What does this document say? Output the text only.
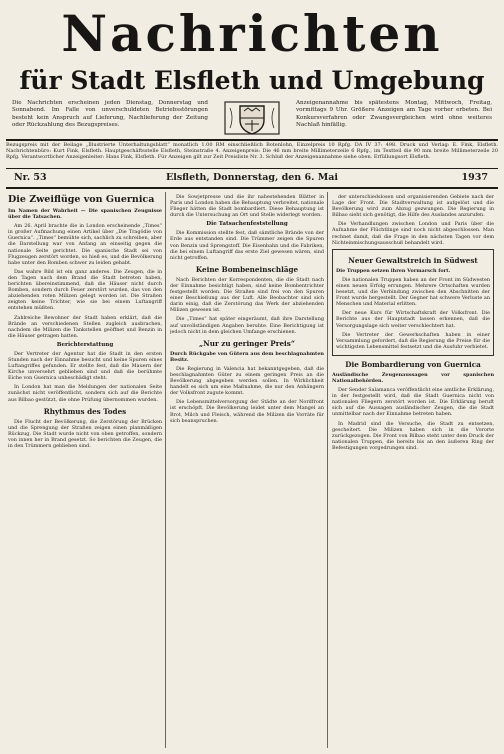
Nachrichten
für Stadt Elsfleth und Umgebung
Die Nachrichten erscheinen jeden Dienstag, Donnerstag und Sonnabend. Im Falle von unverschuldeten Betriebsstörungen besteht kein Anspruch auf Lieferung, Nachlieferung der Zeitung oder Rückzahlung des Bezugspreises.
Anzeigenannahme bis spätestens Montag, Mittwoch, Freitag, vormittags 9 Uhr. Größere Anzeigen am Tage vorher erbeten. Bei Konkursverfahren oder Zwangsvergleichen wird ohne weiteres Nachlaß hinfällig.
Bezugspreis mit der Beilage „Illustrierte Unterhaltungsblatt“ monatlich 1.00 RM einschließlich Botenlohn, Einzelpreis 10 Rpfg. DA IV 37: 498. Druck und Verlag: E. Fink, Elsfleth. Nachrichtenbüro: Kurt Fink, Elsfleth. Hauptgeschäftsstelle Elsfleth, Steinstraße 4. Anzeigenpreis: Die 46 mm breite Millimeterzeile 6 Rpfg., im Textteil die 90 mm breite Millimeterzeile 20 Rpfg. Verantwortlicher Anzeigenleiter: Hans Fink, Elsfleth. Für Anzeigen gilt zur Zeit Preisliste Nr. 3. Schluß der Anzeigenannahme siehe oben. Erfüllungsort Elsfleth.
Nr. 53	Elsfleth, Donnerstag, den 6. Mai	1937
Die Zweiflüge von Guernica

Im Namen der Wahrheit — Die spanischen Zeugnisse über die Tatsachen.

Am 26. April brachte die in London erscheinende „Times“ in großer Aufmachung einen Artikel über „Die Tragödie von Guernica“. „Times“ bemühte sich, sachlich zu schreiben, aber die Darstellung war von Anfang an einseitig gegen die nationale Seite gerichtet. Die spanische Stadt sei von Flugzeugen zerstört worden, so hieß es, und die Bevölkerung habe unter den Bomben schwer zu leiden gehabt.

Das wahre Bild ist ein ganz anderes. Die Zeugen, die in den Tagen nach dem Brand die Stadt betreten haben, berichten übereinstimmend, daß die Häuser nicht durch Bomben, sondern durch Feuer zerstört wurden, das von den abziehenden roten Milizen gelegt worden ist. Die Straßen zeigten keine Trichter, wie sie bei einem Luftangriff entstehen müßten.

Zahlreiche Bewohner der Stadt haben erklärt, daß die Brände an verschiedenen Stellen zugleich ausbrachen, nachdem die Milizen die Tankstellen geöffnet und Benzin in die Häuser getragen hatten.

Berichterstattung

Der Vertreter der Agentur hat die Stadt in den ersten Stunden nach der Einnahme besucht und keine Spuren eines Luftangriffes gefunden. Er stellte fest, daß die Mauern der Kirche unversehrt geblieben sind und daß die berühmte Eiche von Guernica unbeschädigt steht.

In London hat man die Meldungen der nationalen Seite zunächst nicht veröffentlicht, sondern sich auf die Berichte aus Bilbao gestützt, die ohne Prüfung übernommen wurden.

Rhythmus des Todes

Die Flucht der Bevölkerung, die Zerstörung der Brücken und die Sprengung der Straßen zeigen einen planmäßigen Rückzug. Die Stadt wurde nicht von oben getroffen, sondern von innen her in Brand gesetzt. So berichten die Zeugen, die in den Trümmern geblieben sind.

Die Sowjetpresse und die ihr nahestehenden Blätter in Paris und London haben die Behauptung verbreitet, nationale Flieger hätten die Stadt bombardiert. Diese Behauptung ist durch die Untersuchung an Ort und Stelle widerlegt worden.

Die Tatsachenfeststellung

Die Kommission stellte fest, daß sämtliche Brände von der Erde aus entstanden sind. Die Trümmer zeigen die Spuren von Benzin und Sprengstoff. Die Eisenbahn und die Fabriken, die bei einem Luftangriff das erste Ziel gewesen wären, sind nicht getroffen.

Keine Bombeneinschläge

Nach Berichten der Korrespondenten, die die Stadt nach der Einnahme besichtigt haben, sind keine Bombentrichter festgestellt worden. Die Straßen sind frei von den Spuren einer Beschießung aus der Luft. Alle Beobachter sind sich darin einig, daß die Zerstörung das Werk der abziehenden Milizen gewesen ist.

Die „Times“ hat später eingeräumt, daß ihre Darstellung auf unvollständigen Angaben beruhte. Eine Berichtigung ist jedoch nicht in dem gleichen Umfange erschienen.

„Nur zu geringer Preis“

Durch Rückgabe von Gütern aus dem beschlagnahmten Besitz.

Die Regierung in Valencia hat bekanntgegeben, daß die beschlagnahmten Güter zu einem geringen Preis an die Bevölkerung abgegeben werden sollen. In Wirklichkeit handelt es sich um eine Maßnahme, die nur den Anhängern der Volksfront zugute kommt.

Die Lebensmittelversorgung der Städte an der Nordfront ist erschöpft. Die Bevölkerung leidet unter dem Mangel an Brot, Milch und Fleisch, während die Milizen die Vorräte für sich beanspruchen.

der unterschiedslosen und organisierenden Gebiete nach der Lage der Front. Die Stadtverwaltung ist aufgelöst und die Bevölkerung wird zum Abzug gezwungen. Die Regierung in Bilbao sieht sich genötigt, die Hilfe des Auslandes anzurufen.

Die Verhandlungen zwischen London und Paris über die Aufnahme der Flüchtlinge sind noch nicht abgeschlossen. Man rechnet damit, daß die Frage in den nächsten Tagen vor dem Nichteinmischungsausschuß behandelt wird.

Neuer Gewaltstreich in Südwest

Die Truppen setzen ihren Vormarsch fort.

Die nationalen Truppen haben an der Front im Südwesten einen neuen Erfolg errungen. Mehrere Ortschaften wurden besetzt, und die Verbindung zwischen den Abschnitten der Front wurde hergestellt. Der Gegner hat schwere Verluste an Menschen und Material erlitten.

Der neue Kurs für Wirtschaftskraft der Volksfront. Die Berichte aus der Hauptstadt lassen erkennen, daß die Versorgungslage sich weiter verschlechtert hat.

Die Vertreter der Gewerkschaften haben in einer Versammlung gefordert, daß die Regierung die Preise für die wichtigsten Lebensmittel festsetzt und die Ausfuhr verbietet.

Die Bombardierung von Guernica

Ausländische Zeugenaussagen vor spanischen Nationalbehörden.

Der Sender Salamanca veröffentlicht eine amtliche Erklärung, in der festgestellt wird, daß die Stadt Guernica nicht von nationalen Fliegern zerstört worden ist. Die Erklärung beruft sich auf die Aussagen ausländischer Zeugen, die die Stadt unmittelbar nach der Einnahme betreten haben.

In Madrid sind die Versuche, die Stadt zu entsetzen, gescheitert. Die Milizen haben sich in die Vororte zurückgezogen. Die Front von Bilbao steht unter dem Druck der nationalen Truppen, die bereits bis an den äußeren Ring der Befestigungen vorgedrungen sind.
